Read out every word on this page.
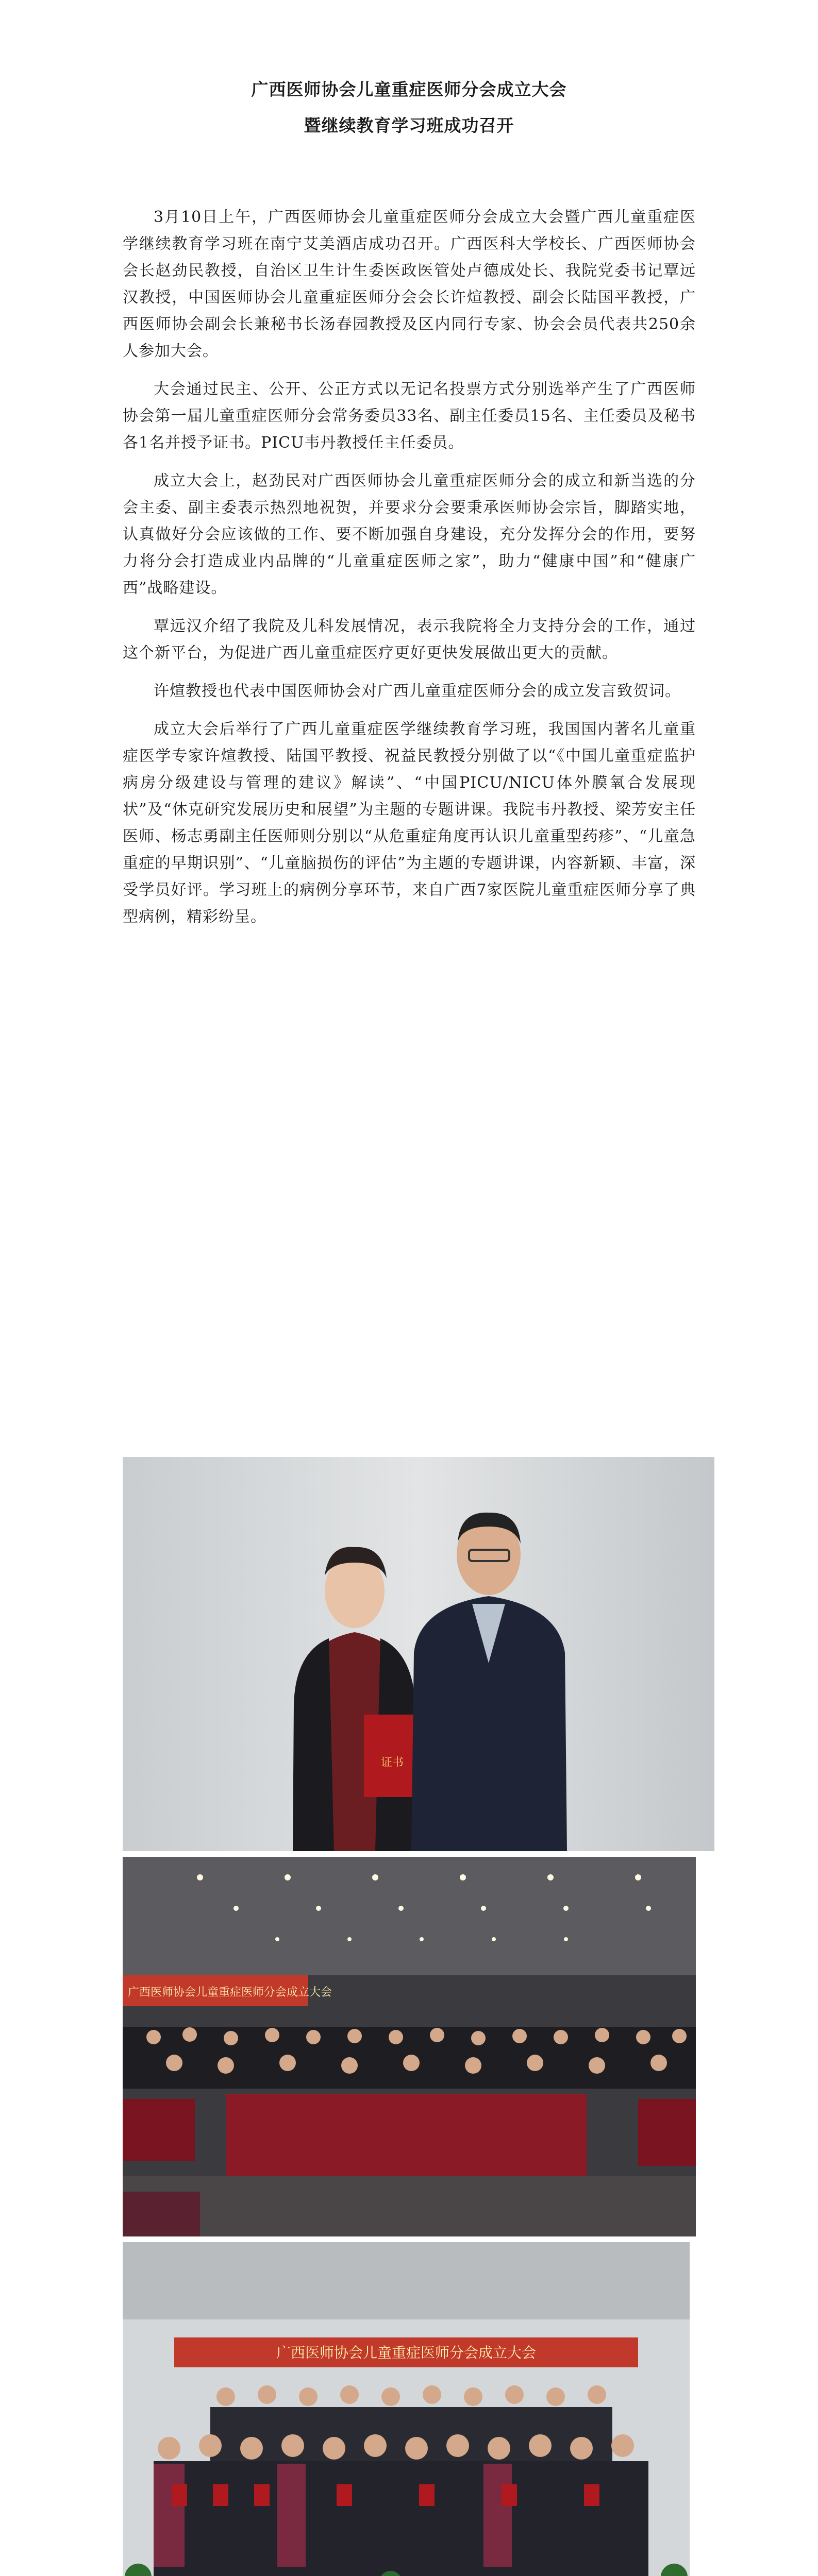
广西医师协会儿童重症医师分会成立大会
暨继续教育学习班成功召开

3月10日上午，广西医师协会儿童重症医师分会成立大会暨广西儿童重症医学继续教育学习班在南宁艾美酒店成功召开。广西医科大学校长、广西医师协会会长赵劲民教授，自治区卫生计生委医政医管处卢德成处长、我院党委书记覃远汉教授，中国医师协会儿童重症医师分会会长许煊教授、副会长陆国平教授，广西医师协会副会长兼秘书长汤春园教授及区内同行专家、协会会员代表共250余人参加大会。

大会通过民主、公开、公正方式以无记名投票方式分别选举产生了广西医师协会第一届儿童重症医师分会常务委员33名、副主任委员15名、主任委员及秘书各1名并授予证书。PICU韦丹教授任主任委员。

成立大会上，赵劲民对广西医师协会儿童重症医师分会的成立和新当选的分会主委、副主委表示热烈地祝贺，并要求分会要秉承医师协会宗旨，脚踏实地，认真做好分会应该做的工作、要不断加强自身建设，充分发挥分会的作用，要努力将分会打造成业内品牌的“儿童重症医师之家”，助力“健康中国”和“健康广西”战略建设。

覃远汉介绍了我院及儿科发展情况，表示我院将全力支持分会的工作，通过这个新平台，为促进广西儿童重症医疗更好更快发展做出更大的贡献。

许煊教授也代表中国医师协会对广西儿童重症医师分会的成立发言致贺词。

成立大会后举行了广西儿童重症医学继续教育学习班，我国国内著名儿童重症医学专家许煊教授、陆国平教授、祝益民教授分别做了以“《中国儿童重症监护病房分级建设与管理的建议》解读”、“中国PICU/NICU体外膜氧合发展现状”及“休克研究发展历史和展望”为主题的专题讲课。我院韦丹教授、梁芳安主任医师、杨志勇副主任医师则分别以“从危重症角度再认识儿童重型药疹”、“儿童急重症的早期识别”、“儿童脑损伤的评估”为主题的专题讲课，内容新颖、丰富，深受学员好评。学习班上的病例分享环节，来自广西7家医院儿童重症医师分享了典型病例，精彩纷呈。

证书
广西医师协会儿童重症医师分会成立大会
广西医师协会儿童重症医师分会成立大会
